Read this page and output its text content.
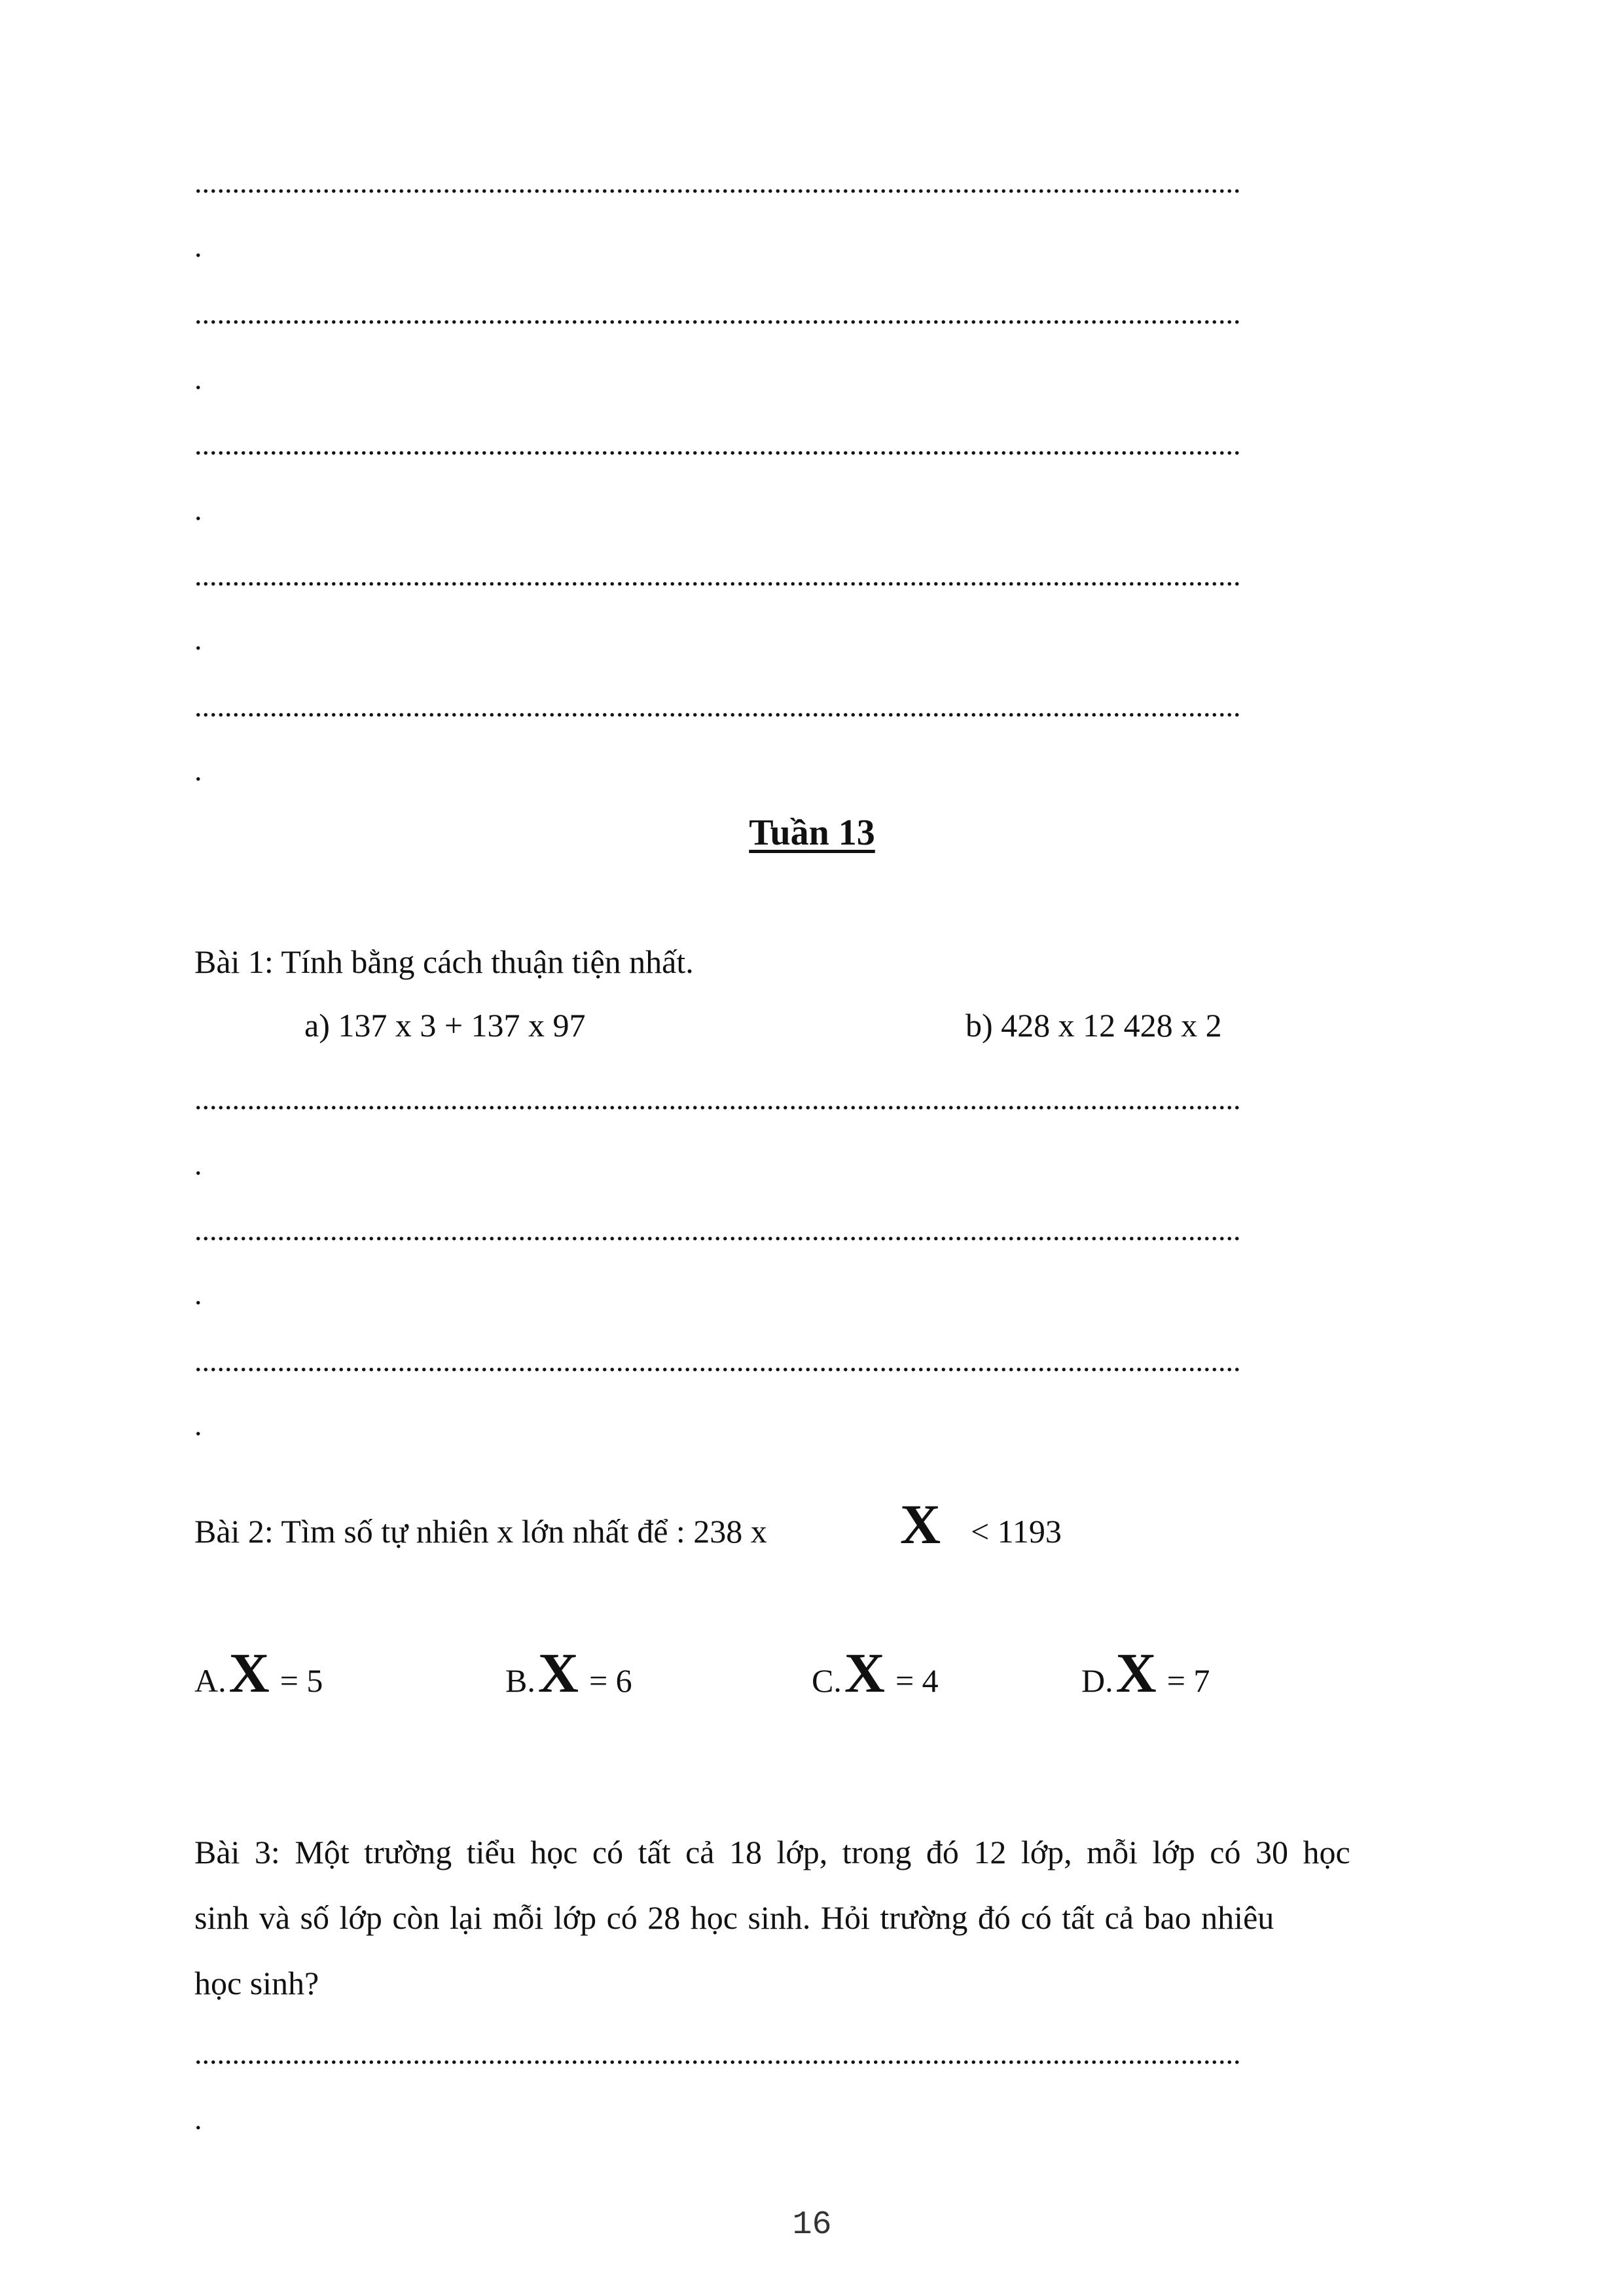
...........................................................................................................................................
.
...........................................................................................................................................
.
...........................................................................................................................................
.
...........................................................................................................................................
.
...........................................................................................................................................
.
Tuần 13
Bài 1: Tính bằng cách thuận tiện nhất.
a) 137 x 3 + 137 x 97	b) 428 x 12 428 x 2
...........................................................................................................................................
.
...........................................................................................................................................
.
...........................................................................................................................................
.
Bài 2: Tìm số tự nhiên x lớn nhất để : 238 x X < 1193
A. X = 5	B. X = 6	C. X = 4	D. X = 7
Bài 3: Một trường tiểu học có tất cả 18 lớp, trong đó 12 lớp, mỗi lớp có 30 học
sinh và số lớp còn lại mỗi lớp có 28 học sinh. Hỏi trường đó có tất cả bao nhiêu
học sinh?
...........................................................................................................................................
.
16
